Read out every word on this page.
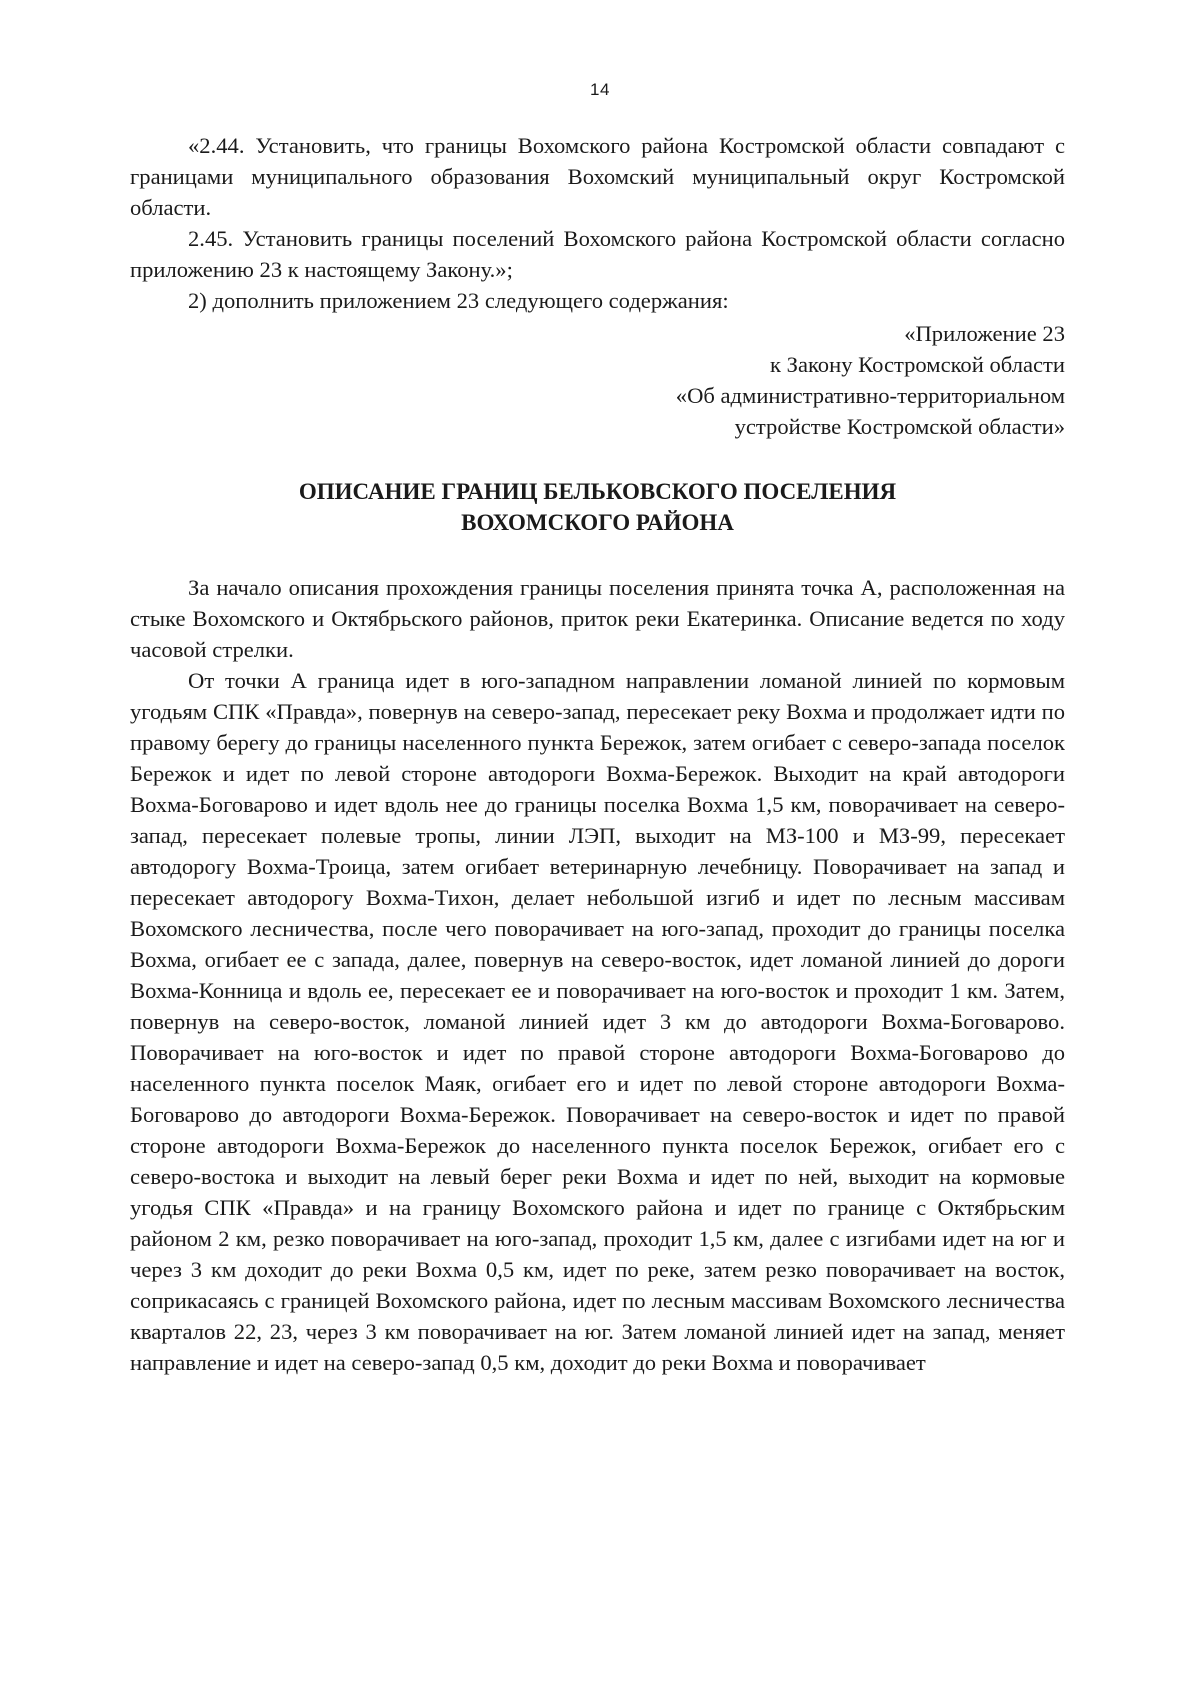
14

«2.44. Установить, что границы Вохомского района Костромской области совпадают с границами муниципального образования Вохомский муниципальный округ Костромской области.

2.45. Установить границы поселений Вохомского района Костромской области согласно приложению 23 к настоящему Закону.»;

2) дополнить приложением 23 следующего содержания:

«Приложение 23
к Закону Костромской области
«Об административно-территориальном
устройстве Костромской области»
ОПИСАНИЕ ГРАНИЦ БЕЛЬКОВСКОГО ПОСЕЛЕНИЯ
ВОХОМСКОГО РАЙОНА

За начало описания прохождения границы поселения принята точка А, расположенная на стыке Вохомского и Октябрьского районов, приток реки Екатеринка. Описание ведется по ходу часовой стрелки.

От точки А граница идет в юго-западном направлении ломаной линией по кормовым угодьям СПК «Правда», повернув на северо-запад, пересекает реку Вохма и продолжает идти по правому берегу до границы населенного пункта Бережок, затем огибает с северо-запада поселок Бережок и идет по левой стороне автодороги Вохма-Бережок. Выходит на край автодороги Вохма-Боговарово и идет вдоль нее до границы поселка Вохма 1,5 км, поворачивает на северо-запад, пересекает полевые тропы, линии ЛЭП, выходит на МЗ-100 и МЗ-99, пересекает автодорогу Вохма-Троица, затем огибает ветеринарную лечебницу. Поворачивает на запад и пересекает автодорогу Вохма-Тихон, делает небольшой изгиб и идет по лесным массивам Вохомского лесничества, после чего поворачивает на юго-запад, проходит до границы поселка Вохма, огибает ее с запада, далее, повернув на северо-восток, идет ломаной линией до дороги Вохма-Конница и вдоль ее, пересекает ее и поворачивает на юго-восток и проходит 1 км. Затем, повернув на северо-восток, ломаной линией идет 3 км до автодороги Вохма-Боговарово. Поворачивает на юго-восток и идет по правой стороне автодороги Вохма-Боговарово до населенного пункта поселок Маяк, огибает его и идет по левой стороне автодороги Вохма-Боговарово до автодороги Вохма-Бережок. Поворачивает на северо-восток и идет по правой стороне автодороги Вохма-Бережок до населенного пункта поселок Бережок, огибает его с северо-востока и выходит на левый берег реки Вохма и идет по ней, выходит на кормовые угодья СПК «Правда» и на границу Вохомского района и идет по границе с Октябрьским районом 2 км, резко поворачивает на юго-запад, проходит 1,5 км, далее с изгибами идет на юг и через 3 км доходит до реки Вохма 0,5 км, идет по реке, затем резко поворачивает на восток, соприкасаясь с границей Вохомского района, идет по лесным массивам Вохомского лесничества кварталов 22, 23, через 3 км поворачивает на юг. Затем ломаной линией идет на запад, меняет направление и идет на северо-запад 0,5 км, доходит до реки Вохма и поворачивает
